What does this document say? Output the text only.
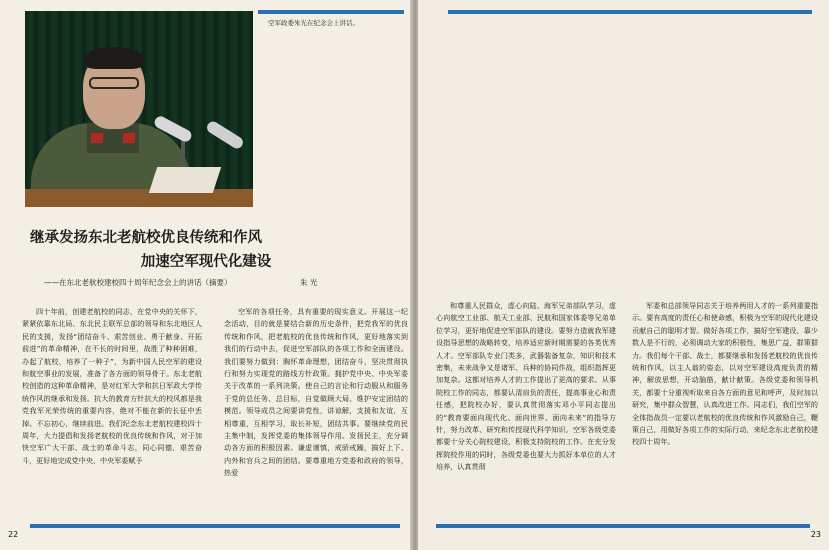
空军政委朱光在纪念会上讲话。
继承发扬东北老航校优良传统和作风
加速空军现代化建设
——在东北老航校建校四十周年纪念会上的讲话（摘要）	朱 光

四十年前，创建老航校的同志，在党中央的关怀下，紧紧依靠东北局、东北民主联军总部的领导和东北地区人民的支援，发扬“团结奋斗、艰苦创业、勇于献身、开拓前进”的革命精神，在不长的时间里，战胜了种种困难，办起了航校，培养了一种子”，为新中国人民空军的建设和航空事业的发展，准备了各方面的领导骨干。东北老航校创造的这种革命精神，是对红军大学和抗日军政大学传统作风的继承和发扬。抗大的教育方针抗大的校风都是我党我军光荣传统的重要内容，绝对不能在新的长征中丢掉。不忘初心，继续前进。我们纪念东北老航校建校四十周年，大力提倡和发扬老航校的优良传统和作风，对于加快空军广大干部、战士的革命斗志，同心同德，艰苦奋斗，更好地完成党中央、中央军委赋予

空军的各项任务，具有重要的现实意义。开展这一纪念活动，目的就是要结合新的历史条件，把党我军的优良传统和作风，把老航校的优良传统和作风，更好地落实到我们的行动中去，促进空军部队的各项工作和全面建设。我们要努力做到：胸怀革命理想，团结奋斗，坚决贯彻执行和努力实现党的路线方针政策。拥护党中央、中央军委关于改革的一系列决策。使自己的言论和行动服从和服务于党的总任务、总目标，自觉做顾大局、维护安定团结的模范。领导成员之间要讲党性，讲谅解，支援和友谊，互相尊重，互相学习，取长补短，团结共事。要继续党的民主集中制，发挥党委的集体领导作用。发扬民主，充分调动各方面的积极因素。谦虚谨慎，戒骄戒躁，搞好上下、内外和官兵之间的团结。要尊重地方党委和政府的领导，热爱

22

和尊重人民群众，虚心向陆、海军兄弟部队学习，虚心向航空工业部、航天工业部、民航和国家体委等兄弟单位学习，更好地促进空军部队的建设。要努力造就我军建设指导思想的战略转变，培养适应新时期需要的各类优秀人才。空军部队专业门类多，武器装备复杂，知识和技术密集，未来战争又是诸军、兵种的协同作战，组织指挥更加复杂。这都对培养人才的工作提出了更高的要求。从事院校工作的同志，都要认清肩负的责任，提高事业心和责任感，把院校办好，要认真贯彻落实邓小平同志提出的“教育要面向现代化、面向世界、面向未来”的指导方针，努力改革、研究和传授现代科学知识。空军各级党委都要十分关心院校建设，积极支持院校的工作。在充分发挥院校作用的同时，各级党委也要大力抓好本单位的人才培养，认真贯彻

军委和总部领导同志关于培养两用人才的一系列重要指示。要有高度的责任心和使命感，积极为空军的现代化建设贡献自己的聪明才智。做好各项工作，搞好空军建设，靠少数人是不行的，必须调动大家的积极性，集思广益，群策群力。我们每个干部、战士，都要继承和发扬老航校的优良传统和作风，以主人翁的姿态，以对空军建设高度负责的精神，解放思想，开动脑筋，献计献策。各级党委和领导机关，都要十分重视听取来自各方面的意见和呼声，及时加以研究，集中群众智慧，认真改进工作。同志们，我们空军的全体指战员一定要以老航校的优良传统和作风激励自己，鞭策自己，用做好各项工作的实际行动，来纪念东北老航校建校四十周年。

23
